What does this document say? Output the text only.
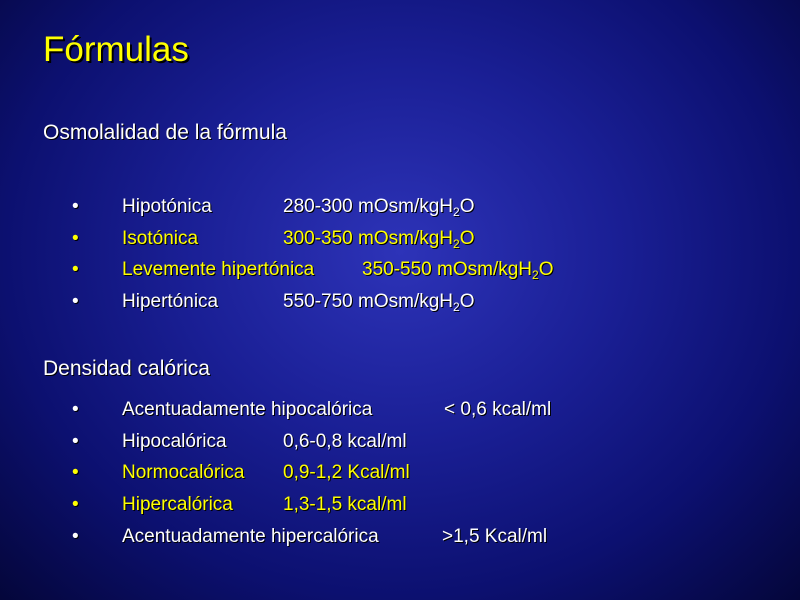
Fórmulas
Osmolalidad de la fórmula
• Hipotónica	280-300 mOsm/kgH$_2$O
• Isotónica	300-350 mOsm/kgH$_2$O
• Levemente hipertónica	350-550 mOsm/kgH$_2$O
• Hipertónica	550-750 mOsm/kgH$_2$O
Densidad calórica
• Acentuadamente hipocalórica	< 0,6 kcal/ml
• Hipocalórica	0,6-0,8 kcal/ml
• Normocalórica 0,9-1,2 Kcal/ml
• Hipercalórica	1,3-1,5 kcal/ml
• Acentuadamente hipercalórica	>1,5 Kcal/ml
